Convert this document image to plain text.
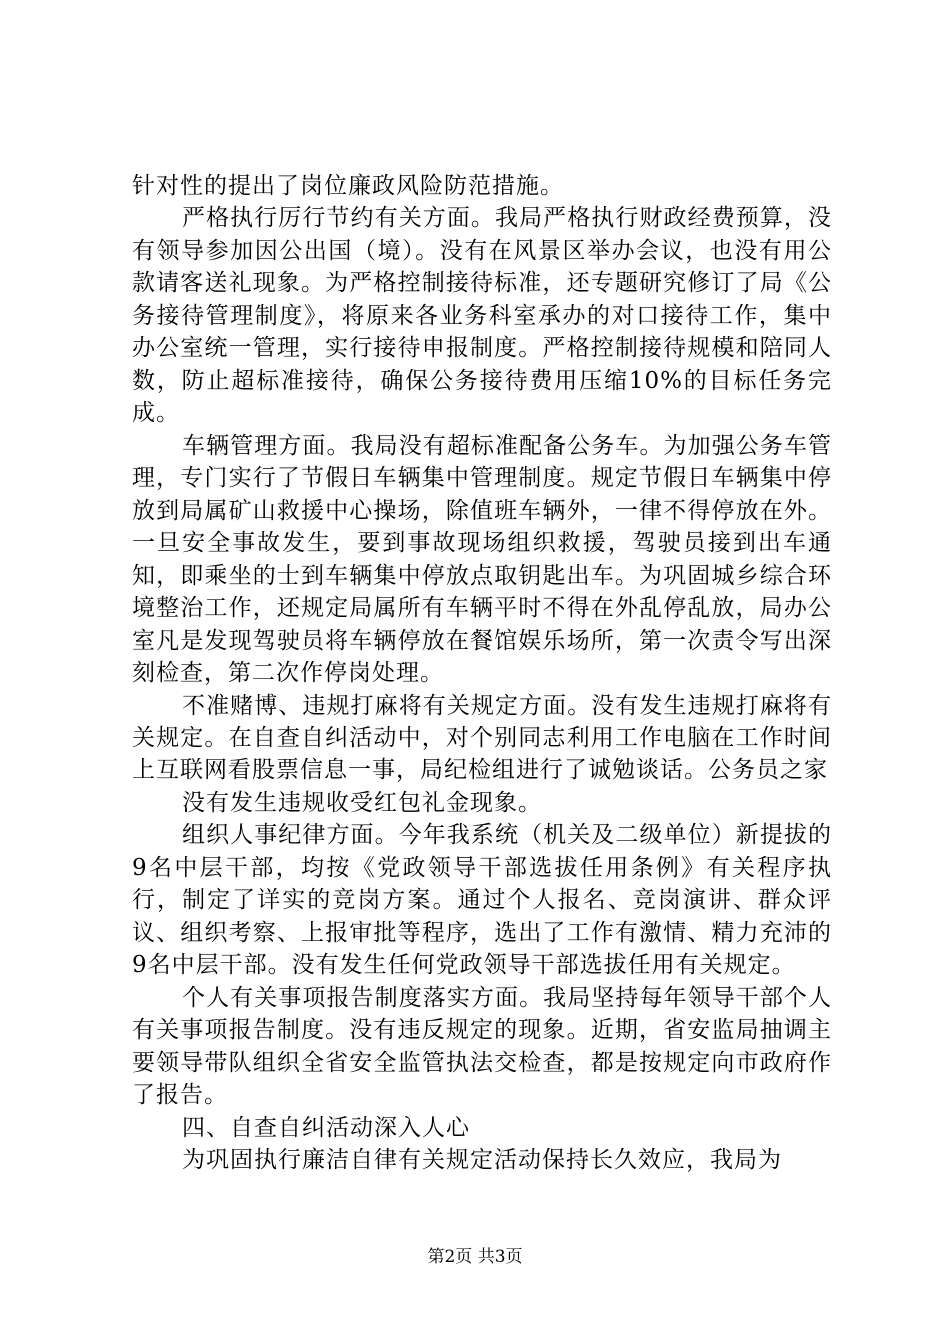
针对性的提出了岗位廉政风险防范措施。

严格执行厉行节约有关方面。我局严格执行财政经费预算，没有领导参加因公出国（境）。没有在风景区举办会议，也没有用公款请客送礼现象。为严格控制接待标准，还专题研究修订了局《公务接待管理制度》，将原来各业务科室承办的对口接待工作，集中办公室统一管理，实行接待申报制度。严格控制接待规模和陪同人数，防止超标准接待，确保公务接待费用压缩10%的目标任务完成。

车辆管理方面。我局没有超标准配备公务车。为加强公务车管理，专门实行了节假日车辆集中管理制度。规定节假日车辆集中停放到局属矿山救援中心操场，除值班车辆外，一律不得停放在外。一旦安全事故发生，要到事故现场组织救援，驾驶员接到出车通知，即乘坐的士到车辆集中停放点取钥匙出车。为巩固城乡综合环境整治工作，还规定局属所有车辆平时不得在外乱停乱放，局办公室凡是发现驾驶员将车辆停放在餐馆娱乐场所，第一次责令写出深刻检查，第二次作停岗处理。

不准赌博、违规打麻将有关规定方面。没有发生违规打麻将有关规定。在自查自纠活动中，对个别同志利用工作电脑在工作时间上互联网看股票信息一事，局纪检组进行了诚勉谈话。公务员之家

没有发生违规收受红包礼金现象。

组织人事纪律方面。今年我系统（机关及二级单位）新提拔的9名中层干部，均按《党政领导干部选拔任用条例》有关程序执行，制定了详实的竞岗方案。通过个人报名、竞岗演讲、群众评议、组织考察、上报审批等程序，选出了工作有激情、精力充沛的9名中层干部。没有发生任何党政领导干部选拔任用有关规定。

个人有关事项报告制度落实方面。我局坚持每年领导干部个人有关事项报告制度。没有违反规定的现象。近期，省安监局抽调主要领导带队组织全省安全监管执法交检查，都是按规定向市政府作了报告。

四、自查自纠活动深入人心

为巩固执行廉洁自律有关规定活动保持长久效应，我局为

第2页 共3页
